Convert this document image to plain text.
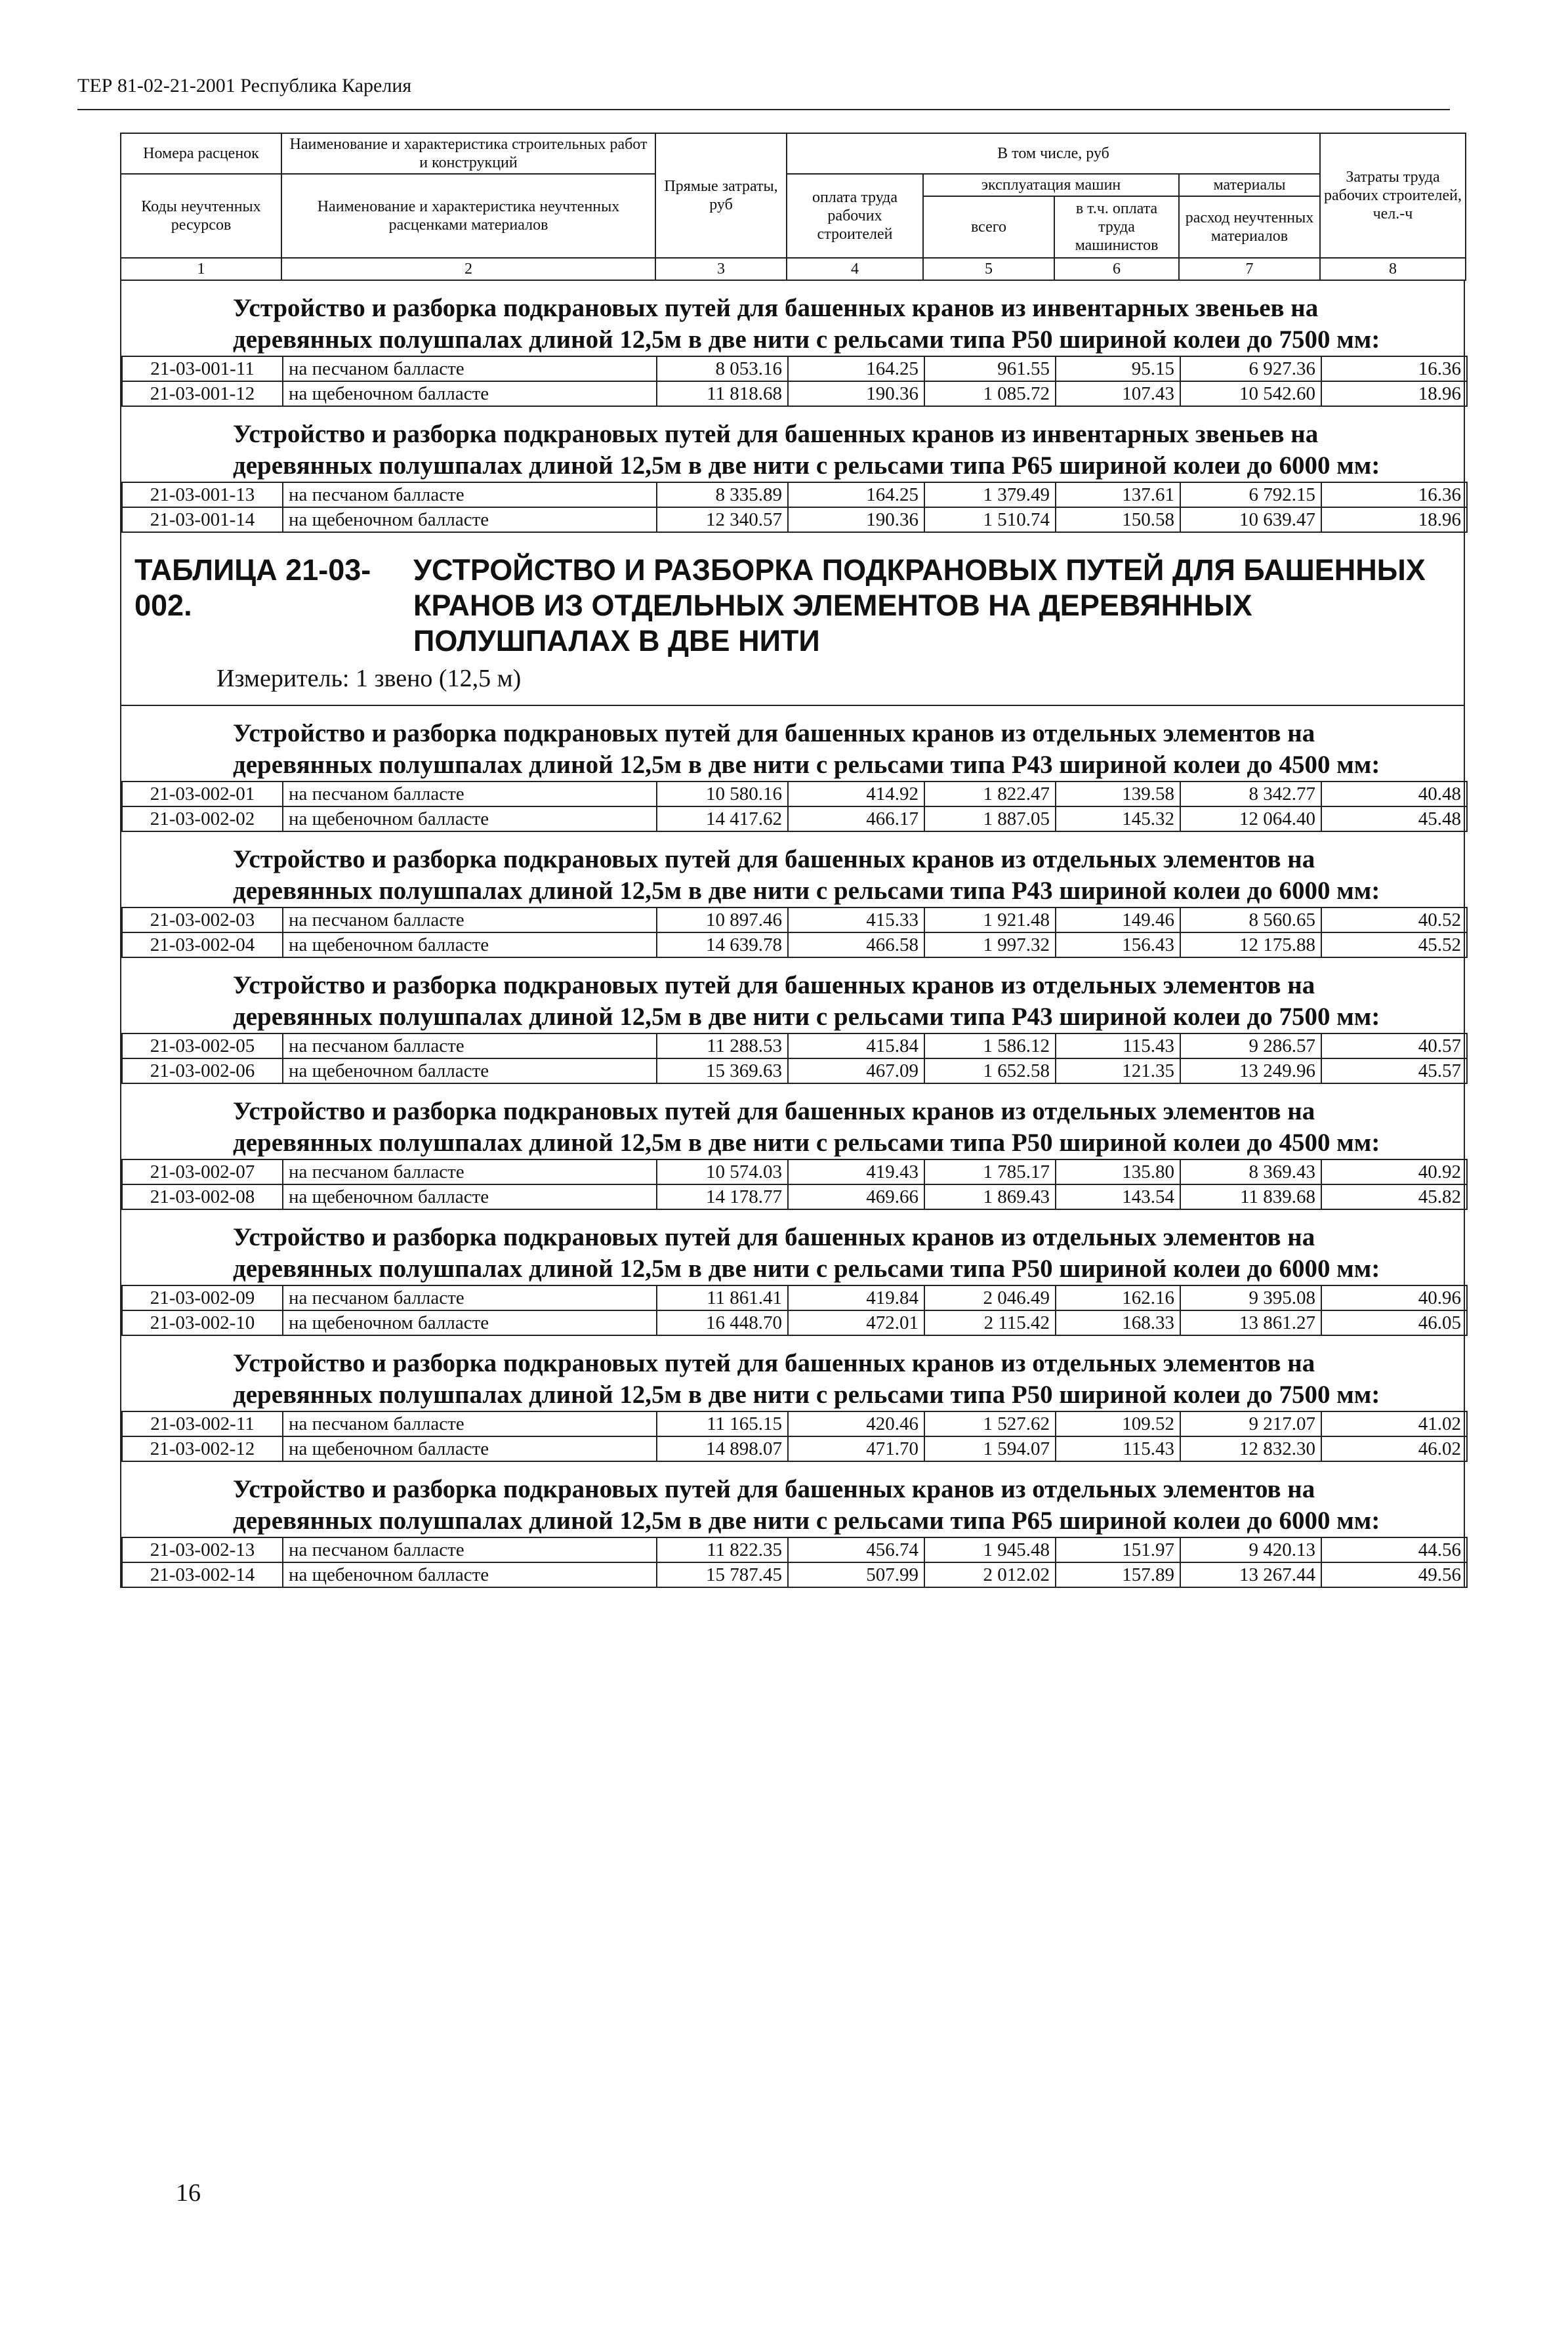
ТЕР 81-02-21-2001 Республика Карелия
Номера расценок	Наименование и характеристика строительных работ и конструкций	Прямые затраты, руб	В том числе, руб				Затраты труда рабочих строителей, чел.-ч
Коды неучтенных ресурсов	Наименование и характеристика неучтенных расценками материалов		оплата труда рабочих строителей	эксплуатация машин		материалы	
				всего	в т.ч. оплата труда машинистов	расход неучтенных материалов	
1	2	3	4	5	6	7	8
Устройство и разборка подкрановых путей для башенных кранов из инвентарных звеньев на деревянных полушпалах длиной 12,5м в две нити с рельсами типа Р50 шириной колеи до 7500 мм:
21-03-001-11	на песчаном балласте	8 053.16	164.25	961.55	95.15	6 927.36	16.36
21-03-001-12	на щебеночном балласте	11 818.68	190.36	1 085.72	107.43	10 542.60	18.96
Устройство и разборка подкрановых путей для башенных кранов из инвентарных звеньев на деревянных полушпалах длиной 12,5м в две нити с рельсами типа Р65 шириной колеи до 6000 мм:
21-03-001-13	на песчаном балласте	8 335.89	164.25	1 379.49	137.61	6 792.15	16.36
21-03-001-14	на щебеночном балласте	12 340.57	190.36	1 510.74	150.58	10 639.47	18.96
ТАБЛИЦА 21-03-002.УСТРОЙСТВО И РАЗБОРКА ПОДКРАНОВЫХ ПУТЕЙ ДЛЯ БАШЕННЫХ КРАНОВ ИЗ ОТДЕЛЬНЫХ ЭЛЕМЕНТОВ НА ДЕРЕВЯННЫХ ПОЛУШПАЛАХ В ДВЕ НИТИ
Измеритель: 1 звено (12,5 м)
Устройство и разборка подкрановых путей для башенных кранов из отдельных элементов на деревянных полушпалах длиной 12,5м в две нити с рельсами типа Р43 шириной колеи до 4500 мм:
21-03-002-01	на песчаном балласте	10 580.16	414.92	1 822.47	139.58	8 342.77	40.48
21-03-002-02	на щебеночном балласте	14 417.62	466.17	1 887.05	145.32	12 064.40	45.48
Устройство и разборка подкрановых путей для башенных кранов из отдельных элементов на деревянных полушпалах длиной 12,5м в две нити с рельсами типа Р43 шириной колеи до 6000 мм:
21-03-002-03	на песчаном балласте	10 897.46	415.33	1 921.48	149.46	8 560.65	40.52
21-03-002-04	на щебеночном балласте	14 639.78	466.58	1 997.32	156.43	12 175.88	45.52
Устройство и разборка подкрановых путей для башенных кранов из отдельных элементов на деревянных полушпалах длиной 12,5м в две нити с рельсами типа Р43 шириной колеи до 7500 мм:
21-03-002-05	на песчаном балласте	11 288.53	415.84	1 586.12	115.43	9 286.57	40.57
21-03-002-06	на щебеночном балласте	15 369.63	467.09	1 652.58	121.35	13 249.96	45.57
Устройство и разборка подкрановых путей для башенных кранов из отдельных элементов на деревянных полушпалах длиной 12,5м в две нити с рельсами типа Р50 шириной колеи до 4500 мм:
21-03-002-07	на песчаном балласте	10 574.03	419.43	1 785.17	135.80	8 369.43	40.92
21-03-002-08	на щебеночном балласте	14 178.77	469.66	1 869.43	143.54	11 839.68	45.82
Устройство и разборка подкрановых путей для башенных кранов из отдельных элементов на деревянных полушпалах длиной 12,5м в две нити с рельсами типа Р50 шириной колеи до 6000 мм:
21-03-002-09	на песчаном балласте	11 861.41	419.84	2 046.49	162.16	9 395.08	40.96
21-03-002-10	на щебеночном балласте	16 448.70	472.01	2 115.42	168.33	13 861.27	46.05
Устройство и разборка подкрановых путей для башенных кранов из отдельных элементов на деревянных полушпалах длиной 12,5м в две нити с рельсами типа Р50 шириной колеи до 7500 мм:
21-03-002-11	на песчаном балласте	11 165.15	420.46	1 527.62	109.52	9 217.07	41.02
21-03-002-12	на щебеночном балласте	14 898.07	471.70	1 594.07	115.43	12 832.30	46.02
Устройство и разборка подкрановых путей для башенных кранов из отдельных элементов на деревянных полушпалах длиной 12,5м в две нити с рельсами типа Р65 шириной колеи до 6000 мм:
21-03-002-13	на песчаном балласте	11 822.35	456.74	1 945.48	151.97	9 420.13	44.56
21-03-002-14	на щебеночном балласте	15 787.45	507.99	2 012.02	157.89	13 267.44	49.56
16
